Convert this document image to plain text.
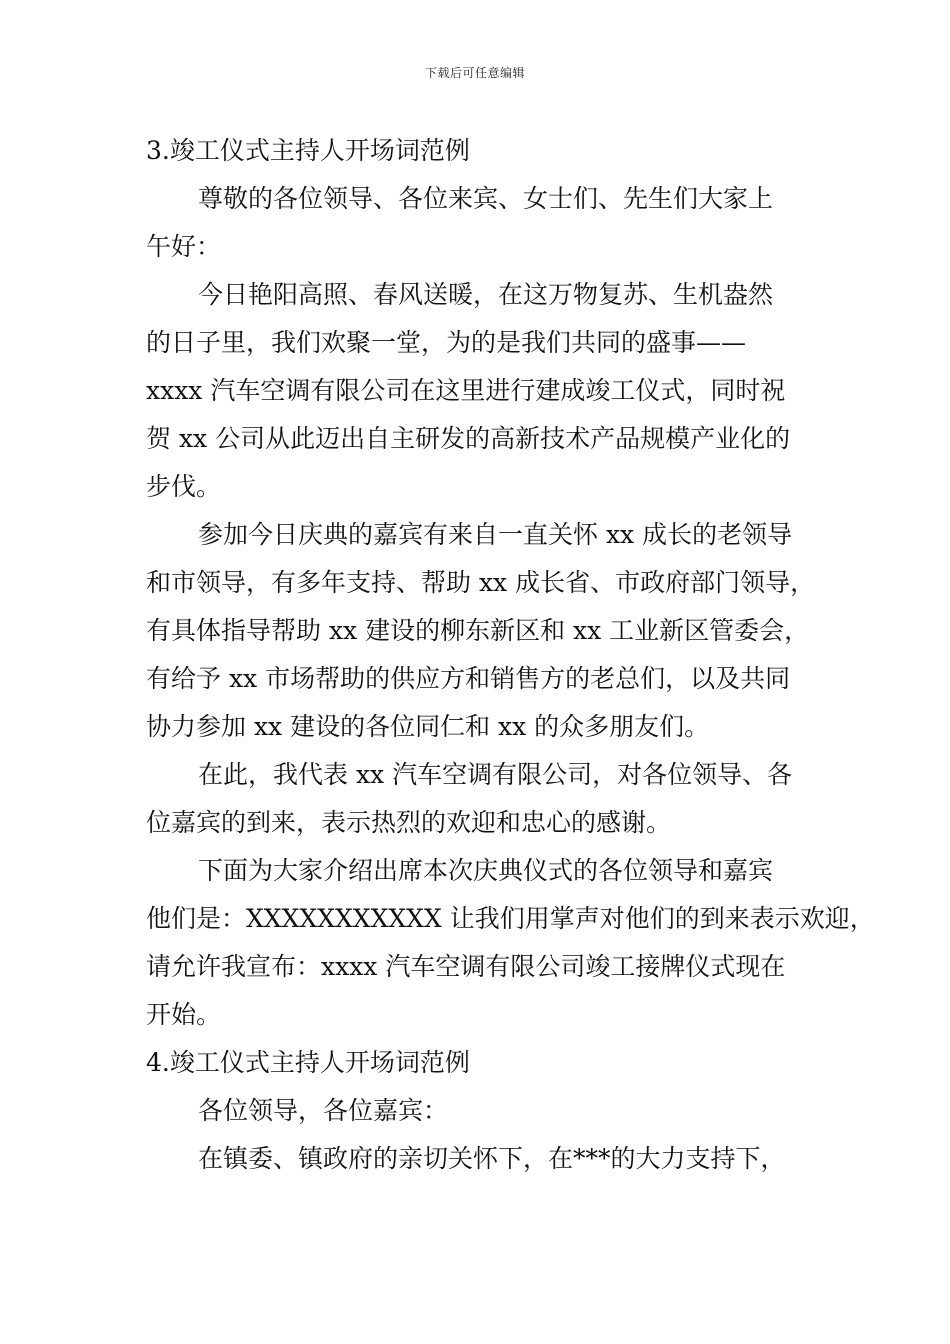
下载后可任意编辑

3.竣工仪式主持人开场词范例

尊敬的各位领导、各位来宾、女士们、先生们大家上
午好：

今日艳阳高照、春风送暖，在这万物复苏、生机盎然
的日子里，我们欢聚一堂，为的是我们共同的盛事——
xxxx 汽车空调有限公司在这里进行建成竣工仪式，同时祝
贺 xx 公司从此迈出自主研发的高新技术产品规模产业化的
步伐。

参加今日庆典的嘉宾有来自一直关怀 xx 成长的老领导
和市领导，有多年支持、帮助 xx 成长省、市政府部门领导，
有具体指导帮助 xx 建设的柳东新区和 xx 工业新区管委会，
有给予 xx 市场帮助的供应方和销售方的老总们，以及共同
协力参加 xx 建设的各位同仁和 xx 的众多朋友们。

在此，我代表 xx 汽车空调有限公司，对各位领导、各
位嘉宾的到来，表示热烈的欢迎和忠心的感谢。

下面为大家介绍出席本次庆典仪式的各位领导和嘉宾
他们是：XXXXXXXXXXX 让我们用掌声对他们的到来表示欢迎，
请允许我宣布：xxxx 汽车空调有限公司竣工接牌仪式现在
开始。

4.竣工仪式主持人开场词范例

各位领导，各位嘉宾：

在镇委、镇政府的亲切关怀下，在***的大力支持下，
